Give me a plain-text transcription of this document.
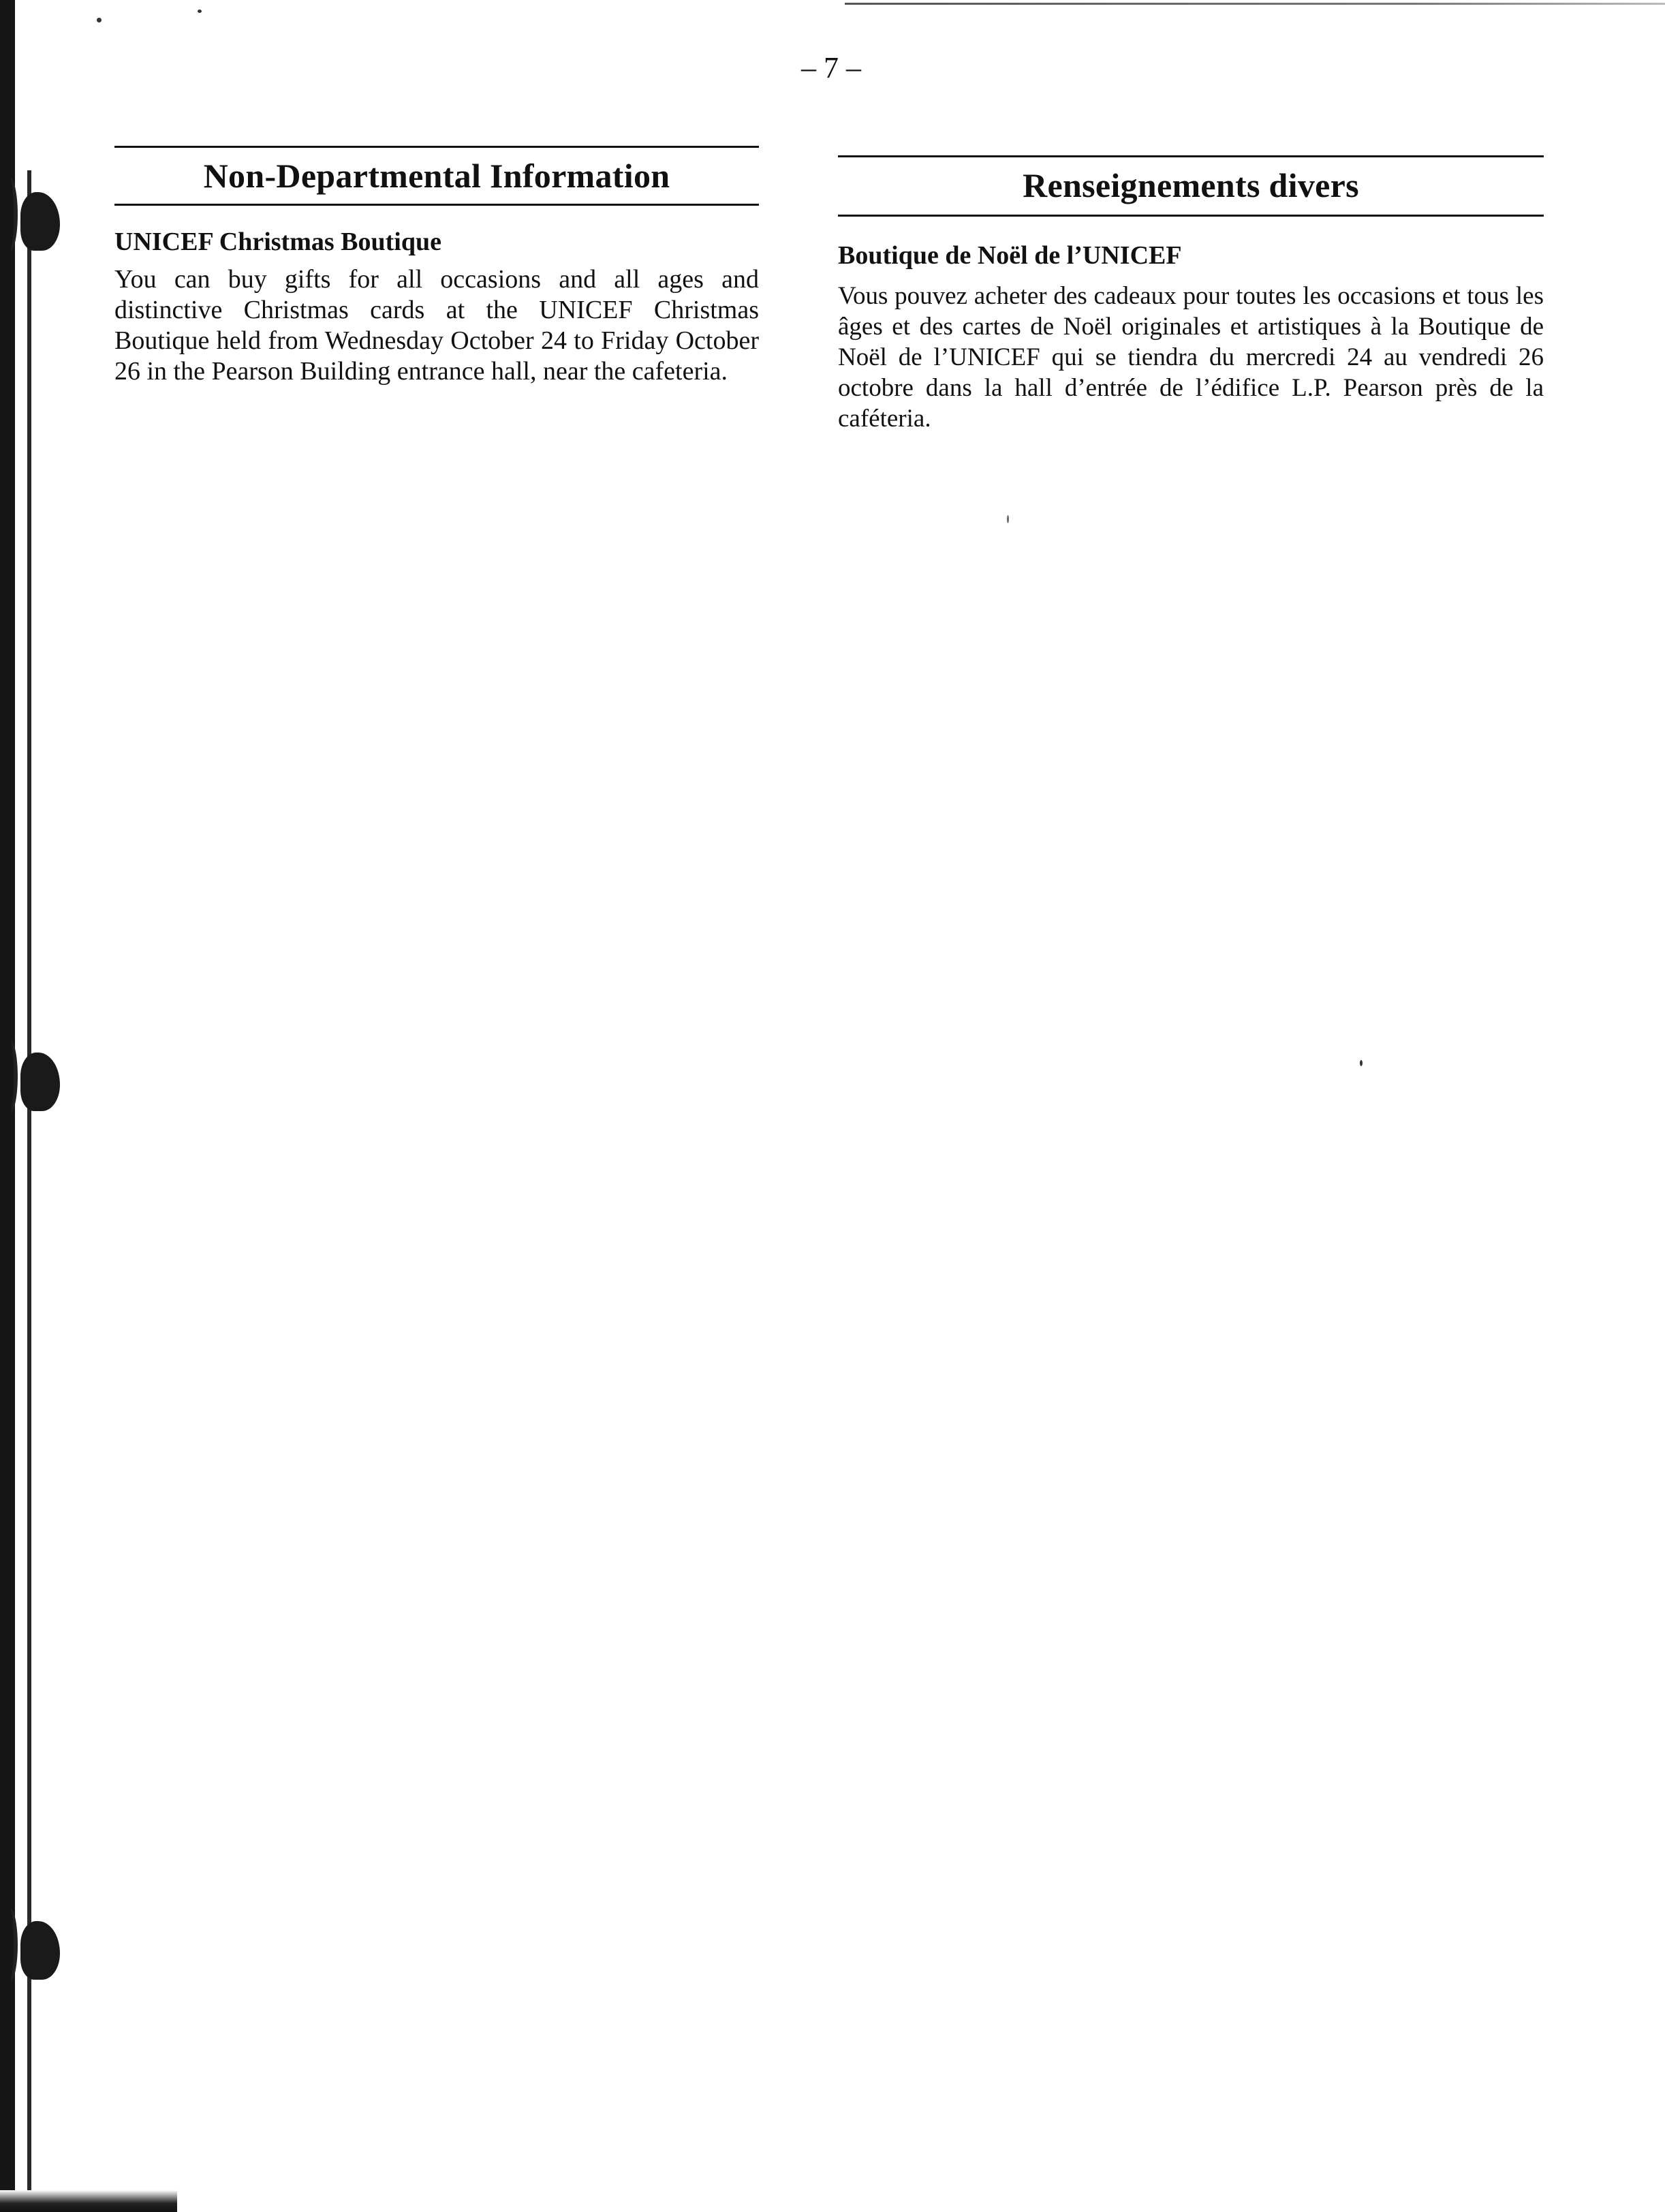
– 7 –
Non-Departmental Information
UNICEF Christmas Boutique

You can buy gifts for all occasions and all ages and distinctive Christmas cards at the UNICEF Christmas Boutique held from Wednesday October 24 to Friday October 26 in the Pearson Building entrance hall, near the cafeteria.

Renseignements divers
Boutique de Noël de l’UNICEF

Vous pouvez acheter des cadeaux pour toutes les occasions et tous les âges et des cartes de Noël originales et artistiques à la Boutique de Noël de l’UNICEF qui se tiendra du mercredi 24 au vendredi 26 octobre dans la hall d’entrée de l’édifice L.P. Pearson près de la caféteria.
